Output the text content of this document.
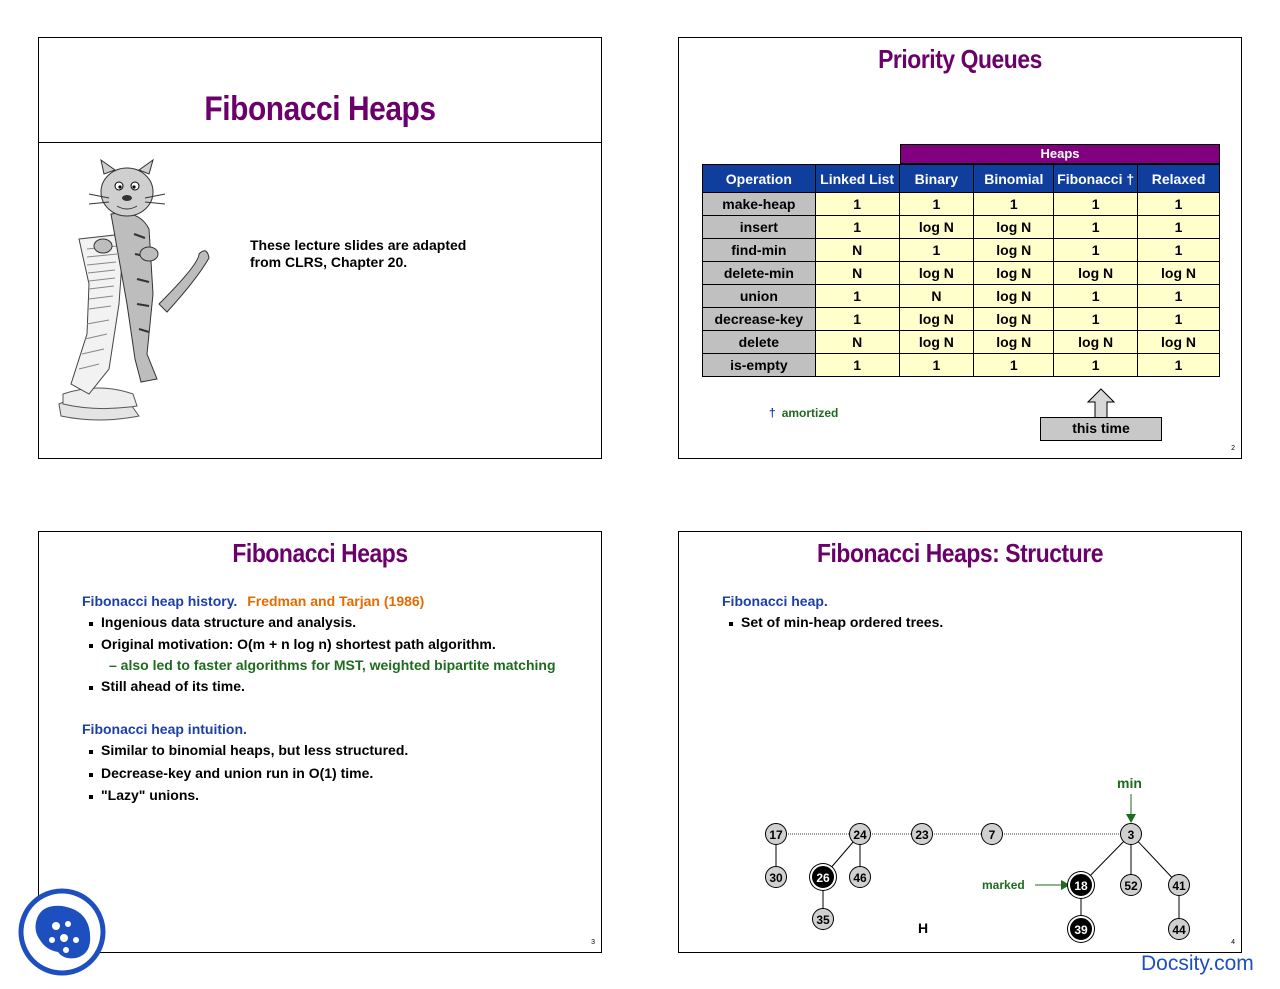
Fibonacci Heaps
These lecture slides are adapted
from CLRS, Chapter 20.
Priority Queues
Heaps
Operation	Linked List	Binary	Binomial	Fibonacci †	Relaxed
make-heap	1	1	1	1	1
insert	1	log N	log N	1	1
find-min	N	1	log N	1	1
delete-min	N	log N	log N	log N	log N
union	1	N	log N	1	1
decrease-key	1	log N	log N	1	1
delete	N	log N	log N	log N	log N
is-empty	1	1	1	1	1
† amortized
this time
2
Fibonacci Heaps
Fibonacci heap history. Fredman and Tarjan (1986)
Ingenious data structure and analysis.
Original motivation: O(m + n log n) shortest path algorithm.
– also led to faster algorithms for MST, weighted bipartite matching
Still ahead of its time.
Fibonacci heap intuition.
Similar to binomial heaps, but less structured.
Decrease-key and union run in O(1) time.
"Lazy" unions.
3
Fibonacci Heaps: Structure
Fibonacci heap.
Set of min-heap ordered trees.
min
marked
H
17	24	23	7	3
30	26	46
35
18	52	41
39	44
4
Docsity.com
